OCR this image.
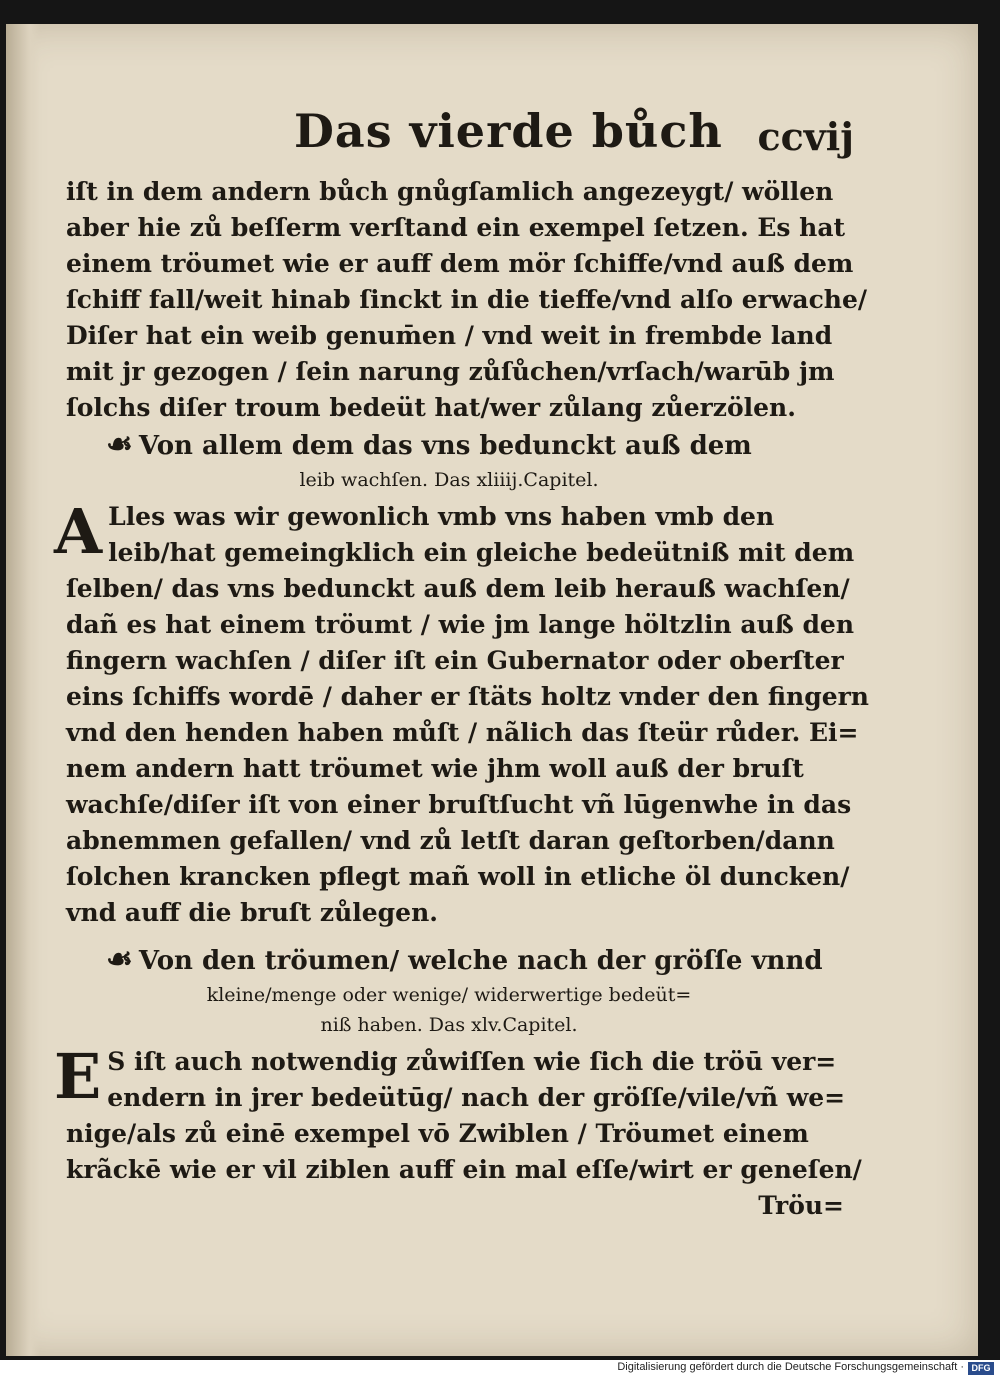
Das vierde bůch ccvij
iſt in dem andern bůch gnůgſamlich angezeygt/ wöllen
aber hie zů beſſerm verſtand ein exempel ſetzen. Es hat
einem tröumet wie er auff dem mör ſchiffe/vnd auß dem
ſchiff fall/weit hinab ſinckt in die tieffe/vnd alſo erwache/
Diſer hat ein weib genum̄en / vnd weit in frembde land
mit jr gezogen / ſein narung zůſůchen/vrſach/warūb jm
ſolchs diſer troum bedeüt hat/wer zůlang zůerzölen.
☙ Von allem dem das vns bedunckt auß dem
leib wachſen. Das xliiij.Capitel.
A Lles was wir gewonlich vmb vns haben vmb den
leib/hat gemeingklich ein gleiche bedeütniß mit dem
ſelben/ das vns bedunckt auß dem leib herauß wachſen/
dañ es hat einem tröumt / wie jm lange höltzlin auß den
fingern wachſen / diſer iſt ein Gubernator oder oberſter
eins ſchiffs wordē / daher er ſtäts holtz vnder den fingern
vnd den henden haben můſt / nãlich das ſteür růder. Ei=
nem andern hatt tröumet wie jhm woll auß der bruſt
wachſe/diſer iſt von einer bruſtſucht vñ lūgenwhe in das
abnemmen gefallen/ vnd zů letſt daran geſtorben/dann
ſolchen krancken pflegt mañ woll in etliche öl duncken/
vnd auff die bruſt zůlegen.
☙ Von den tröumen/ welche nach der gröſſe vnnd
kleine/menge oder wenige/ widerwertige bedeüt=
niß haben. Das xlv.Capitel.
E S iſt auch notwendig zůwiſſen wie ſich die tröū ver=
endern in jrer bedeütūg/ nach der gröſſe/vile/vñ we=
nige/als zů einē exempel vō Zwiblen / Tröumet einem
krãckē wie er vil ziblen auff ein mal eſſe/wirt er geneſen/
Tröu=
Digitalisierung gefördert durch die Deutsche Forschungsgemeinschaft · DFG
